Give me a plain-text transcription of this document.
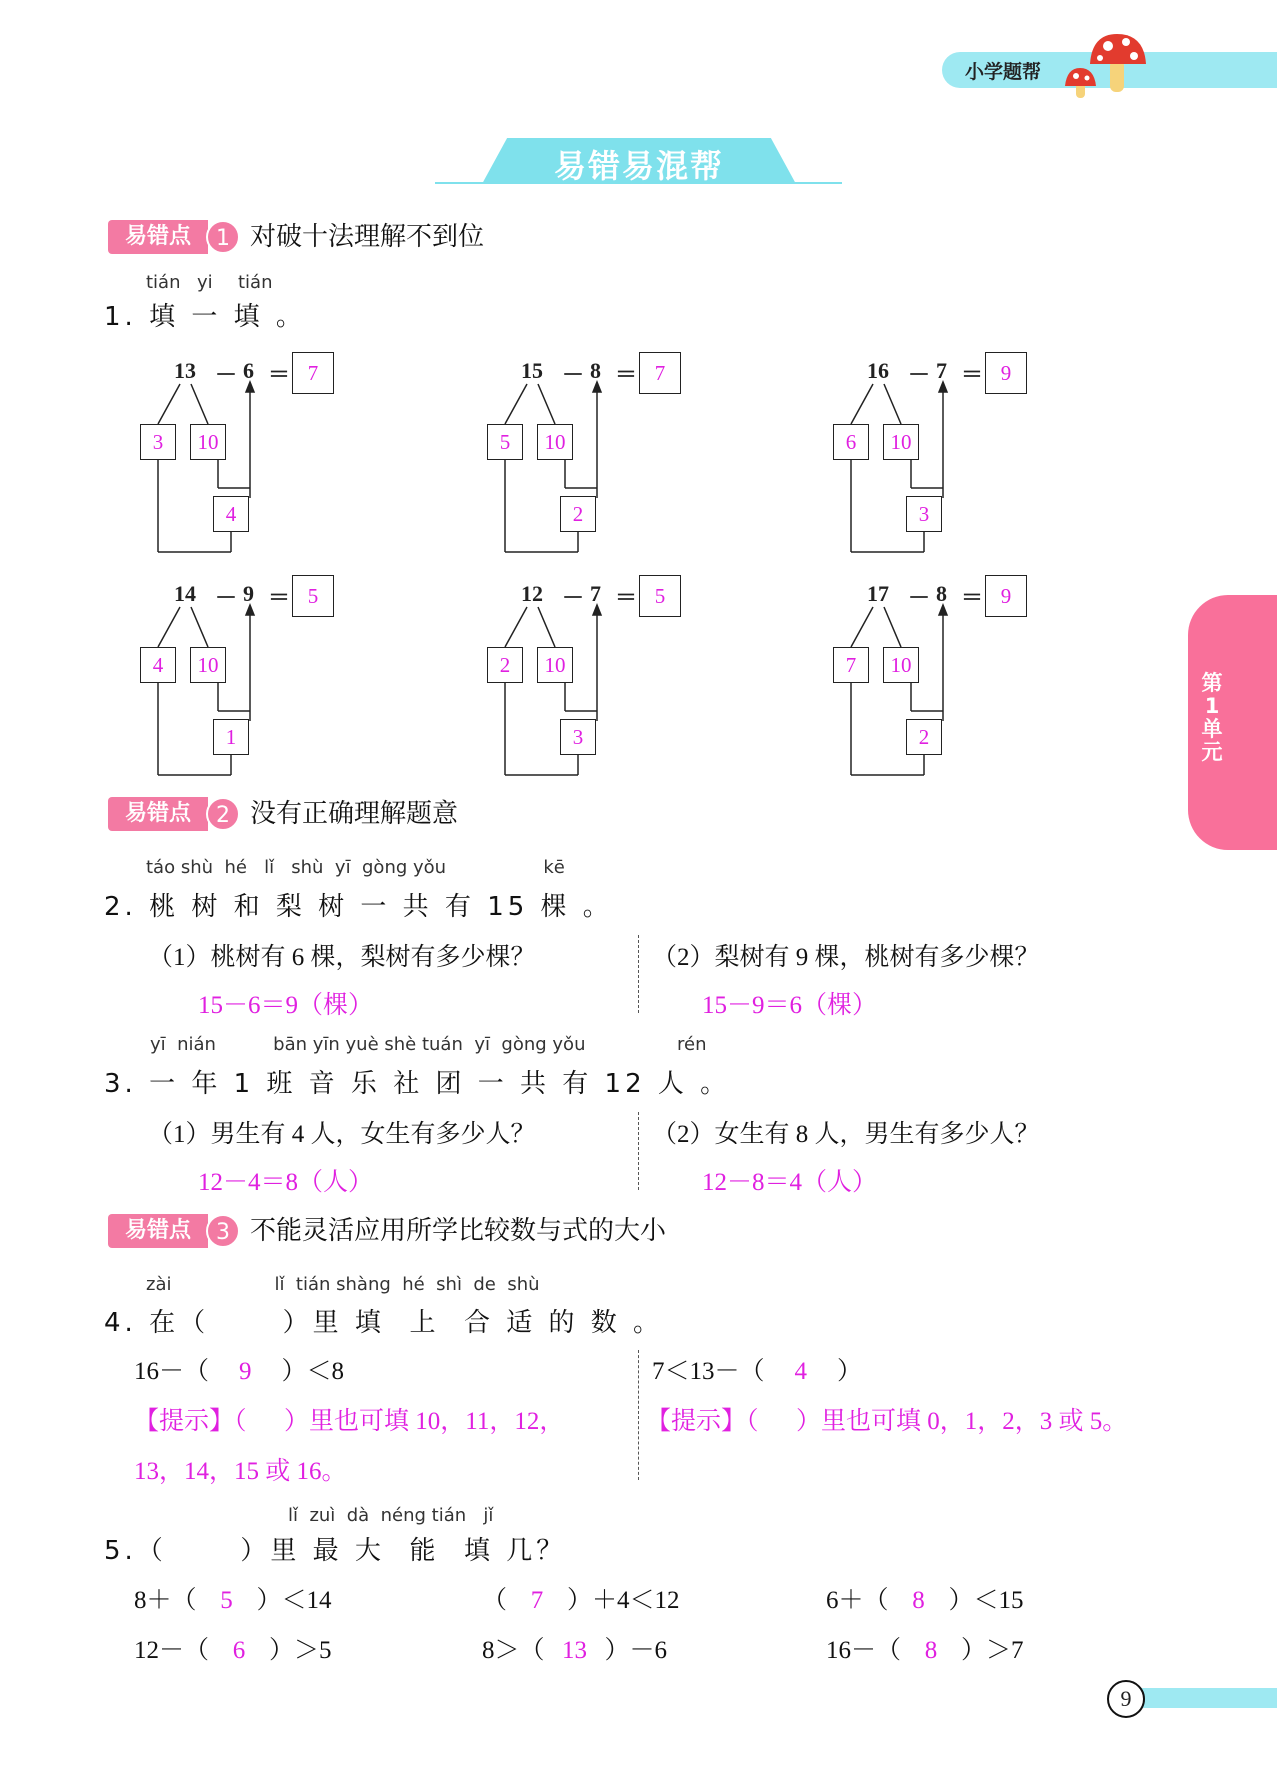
小学题帮
易错易混帮
第1单元
易错点	1 对破十法理解不到位
tián yi tián
1. 填 一 填 。
13 － 6 ＝ 7
3	10
4
15 － 8 ＝ 7
5	10
2
16 － 7 ＝ 9
6	10
3
14 － 9 ＝ 5
4	10
1
12 － 7 ＝ 5
2	10
3
17 － 8 ＝ 9
7	10
2
易错点	2 没有正确理解题意
táo shù  hé   lǐ   shù  yī  gòng yǒu                 kē
2. 桃 树 和 梨 树 一 共 有 15 棵 。
（1）桃树有 6 棵，梨树有多少棵？
15－6＝9（棵）
（2）梨树有 9 棵，桃树有多少棵？
15－9＝6（棵）
yī  nián          bān yīn yuè shè tuán  yī  gòng yǒu                rén
3. 一 年 1 班 音 乐 社 团 一 共 有 12 人 。
（1）男生有 4 人，女生有多少人？
12－4＝8（人）
（2）女生有 8 人，男生有多少人？
12－8＝4（人）
易错点	3 不能灵活应用所学比较数与式的大小
zài                  lǐ  tián shàng  hé  shì  de  shù
4. 在（      ）里 填  上  合 适 的 数 。
16－（ 9 ）＜8
【提示】（      ）里也可填 10，11，12，
13，14，15 或 16。
7＜13－（ 4 ）
【提示】（      ）里也可填 0，1，2，3 或 5。
lǐ  zuì  dà  néng tián   jǐ
5.（      ）里 最 大  能  填 几？
8＋（ 5 ）＜14	（ 7 ）＋4＜12	6＋（ 8 ）＜15
12－（ 6 ）＞5	8＞（ 13 ）－6	16－（ 8 ）＞7
9
